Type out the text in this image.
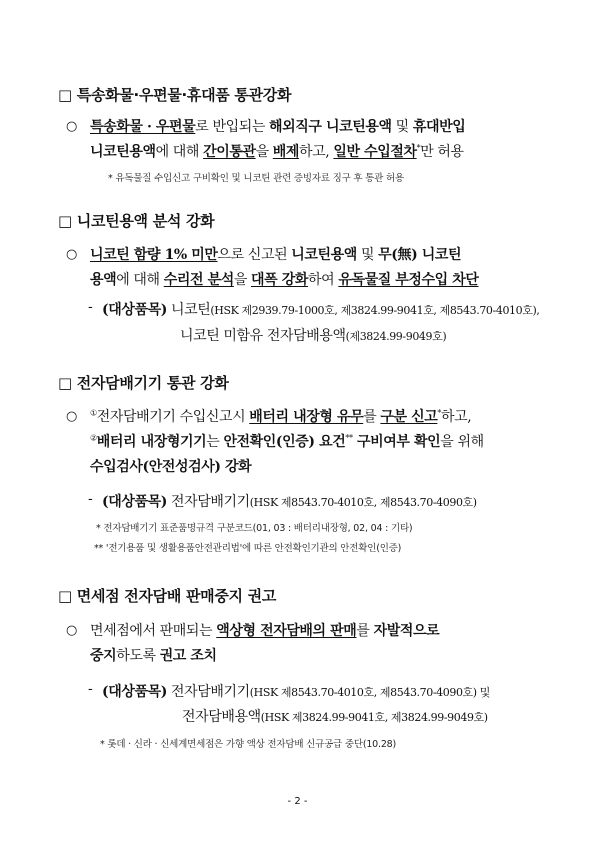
□ 특송화물·우편물·휴대품 통관강화
○ 특송화물 · 우편물로 반입되는 해외직구 니코틴용액 및 휴대반입
니코틴용액에 대해 간이통관을 배제하고, 일반 수입절차*만 허용
* 유독물질 수입신고 구비확인 및 니코틴 관련 증빙자료 징구 후 통관 허용
□ 니코틴용액 분석 강화
○ 니코틴 함량 1% 미만으로 신고된 니코틴용액 및 무(無) 니코틴
용액에 대해 수리전 분석을 대폭 강화하여 유독물질 부정수입 차단
- (대상품목) 니코틴(HSK 제2939.79-1000호, 제3824.99-9041호, 제8543.70-4010호),
니코틴 미함유 전자담배용액(제3824.99-9049호)
□ 전자담배기기 통관 강화
○ ①전자담배기기 수입신고시 배터리 내장형 유무를 구분 신고*하고,
②배터리 내장형기기는 안전확인(인증) 요건** 구비여부 확인을 위해
수입검사(안전성검사) 강화
- (대상품목) 전자담배기기(HSK 제8543.70-4010호, 제8543.70-4090호)
* 전자담배기기 표준품명규격 구분코드(01, 03 : 배터리내장형, 02, 04 : 기타)
** '전기용품 및 생활용품안전관리법'에 따른 안전확인기관의 안전확인(인증)
□ 면세점 전자담배 판매중지 권고
○ 면세점에서 판매되는 액상형 전자담배의 판매를 자발적으로
중지하도록 권고 조치
- (대상품목) 전자담배기기(HSK 제8543.70-4010호, 제8543.70-4090호) 및
전자담배용액(HSK 제3824.99-9041호, 제3824.99-9049호)
* 롯데 · 신라 · 신세계면세점은 가향 액상 전자담배 신규공급 중단(10.28)
- 2 -
